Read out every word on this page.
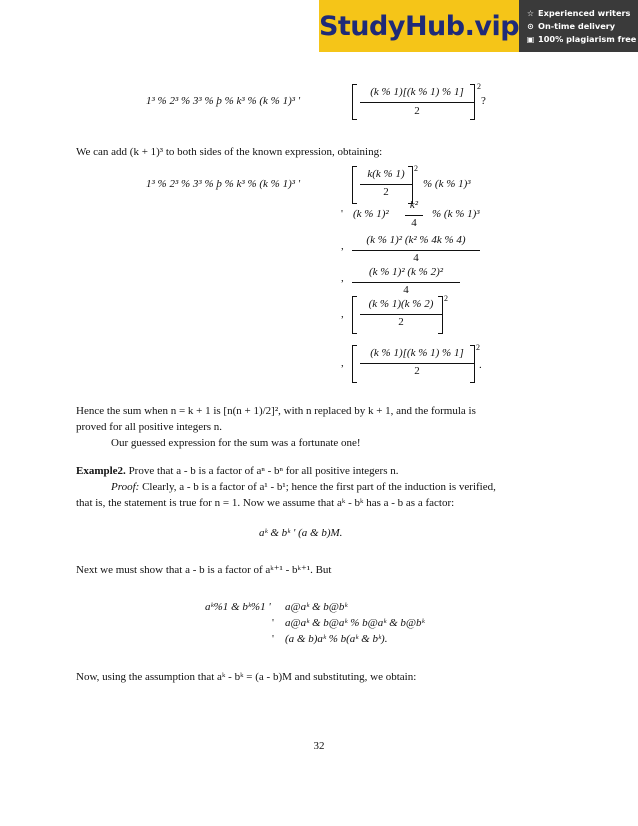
StudyHub.vip ☆ Experienced writers
⊙ On-time delivery
▣ 100% plagiarism free
1³ % 2³ % 3³ % þ % k³ % (k % 1)³ '
(k % 1)[(k % 1) % 1]
2
2
?
We can add (k + 1)³ to both sides of the known expression, obtaining:
1³ % 2³ % 3³ % þ % k³ % (k % 1)³ '
k(k % 1)
2
2
% (k % 1)³
' (k % 1)²
k²
4
% (k % 1)³
,	(k % 1)² (k² % 4k % 4)
4
,	(k % 1)² (k % 2)²
4
,
(k % 1)(k % 2)
2
2
,
(k % 1)[(k % 1) % 1]
2
2
.
Hence the sum when n = k + 1 is [n(n + 1)/2]², with n replaced by k + 1, and the formula is
proved for all positive integers n.
Our guessed expression for the sum was a fortunate one!
Example2. Prove that a - b is a factor of aⁿ - bⁿ for all positive integers n.
Proof: Clearly, a - b is a factor of a¹ - b¹; hence the first part of the induction is verified,
that is, the statement is true for n = 1. Now we assume that aᵏ - bᵏ has a - b as a factor:
aᵏ & bᵏ ' (a & b)M.
Next we must show that a - b is a factor of aᵏ⁺¹ - bᵏ⁺¹. But
aᵏ%1 & bᵏ%1 ' a@aᵏ & b@bᵏ
' a@aᵏ & b@aᵏ % b@aᵏ & b@bᵏ
' (a & b)aᵏ % b(aᵏ & bᵏ).
Now, using the assumption that aᵏ - bᵏ = (a - b)M and substituting, we obtain:
32
